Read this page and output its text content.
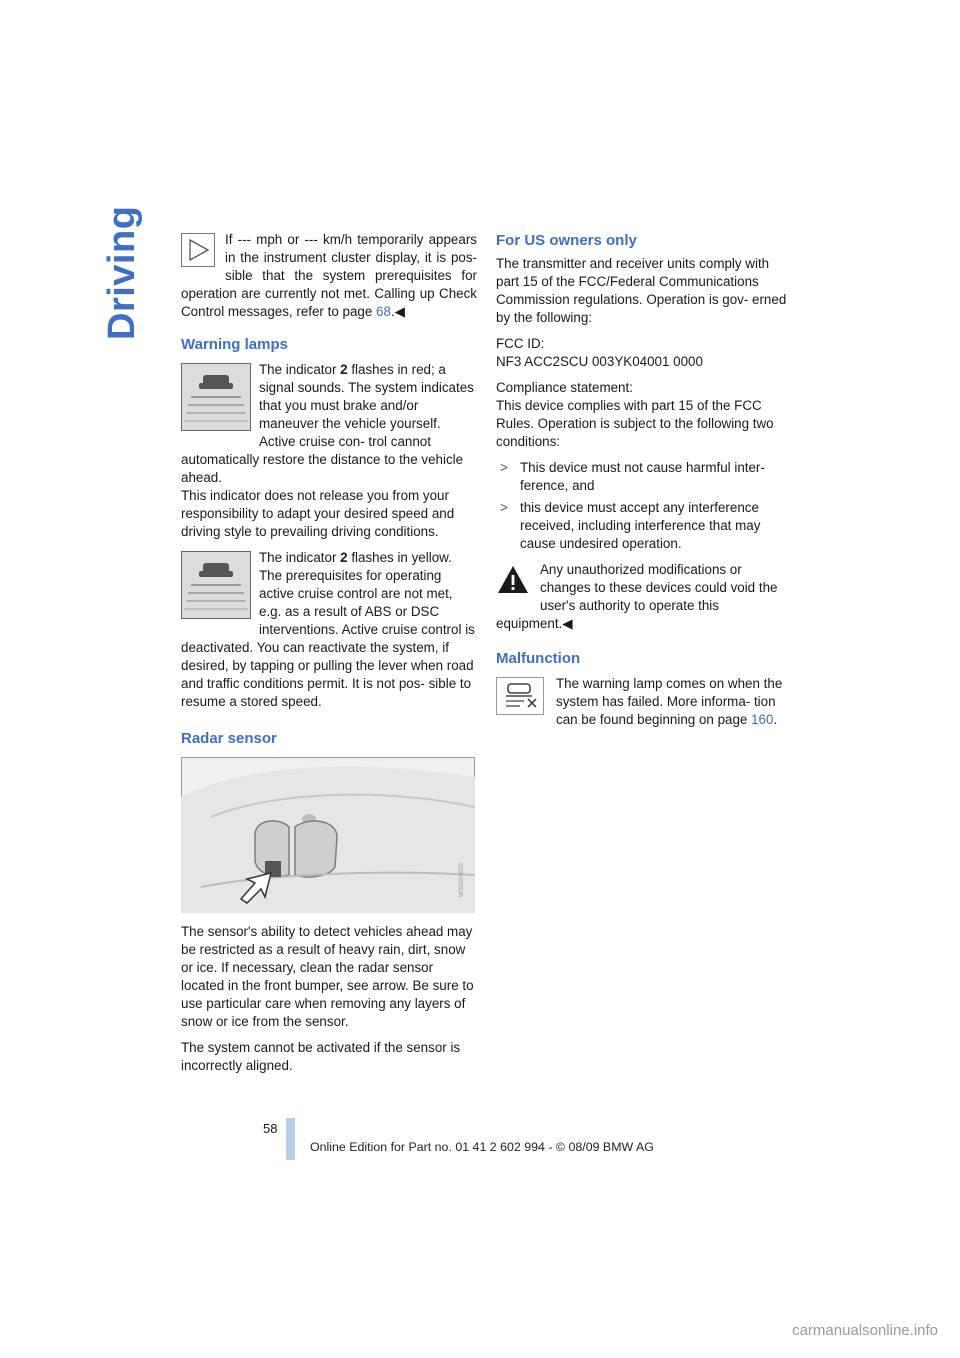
Driving	If --- mph or --- km/h temporarily appears in the instrument cluster display, it is pos- sible that the system prerequisites for operation are currently not met. Calling up Check Control messages, refer to page 68.◀

Warning lamps

The indicator 2 flashes in red; a signal sounds. The system indicates that you must brake and/or maneuver the vehicle yourself. Active cruise con- trol cannot automatically restore the distance to the vehicle ahead.

This indicator does not release you from your responsibility to adapt your desired speed and driving style to prevailing driving conditions.

The indicator 2 flashes in yellow. The prerequisites for operating active cruise control are not met, e.g. as a result of ABS or DSC interventions. Active cruise control is deactivated. You can reactivate the system, if desired, by tapping or pulling the lever when road and traffic conditions permit. It is not pos- sible to resume a stored speed.

Radar sensor
W3G000000

The sensor's ability to detect vehicles ahead may be restricted as a result of heavy rain, dirt, snow or ice. If necessary, clean the radar sensor located in the front bumper, see arrow. Be sure to use particular care when removing any layers of snow or ice from the sensor.

The system cannot be activated if the sensor is incorrectly aligned.

For US owners only

The transmitter and receiver units comply with part 15 of the FCC/Federal Communications Commission regulations. Operation is gov- erned by the following:

FCC ID:

NF3 ACC2SCU 003YK04001 0000

Compliance statement:

This device complies with part 15 of the FCC Rules. Operation is subject to the following two conditions:

> This device must not cause harmful inter- ference, and
> this device must accept any interference received, including interference that may cause undesired operation.

Any unauthorized modifications or changes to these devices could void the user's authority to operate this equipment.◀

Malfunction

The warning lamp comes on when the system has failed. More informa- tion can be found beginning on page 160.

58
Online Edition for Part no. 01 41 2 602 994 - © 08/09 BMW AG
carmanualsonline.info
